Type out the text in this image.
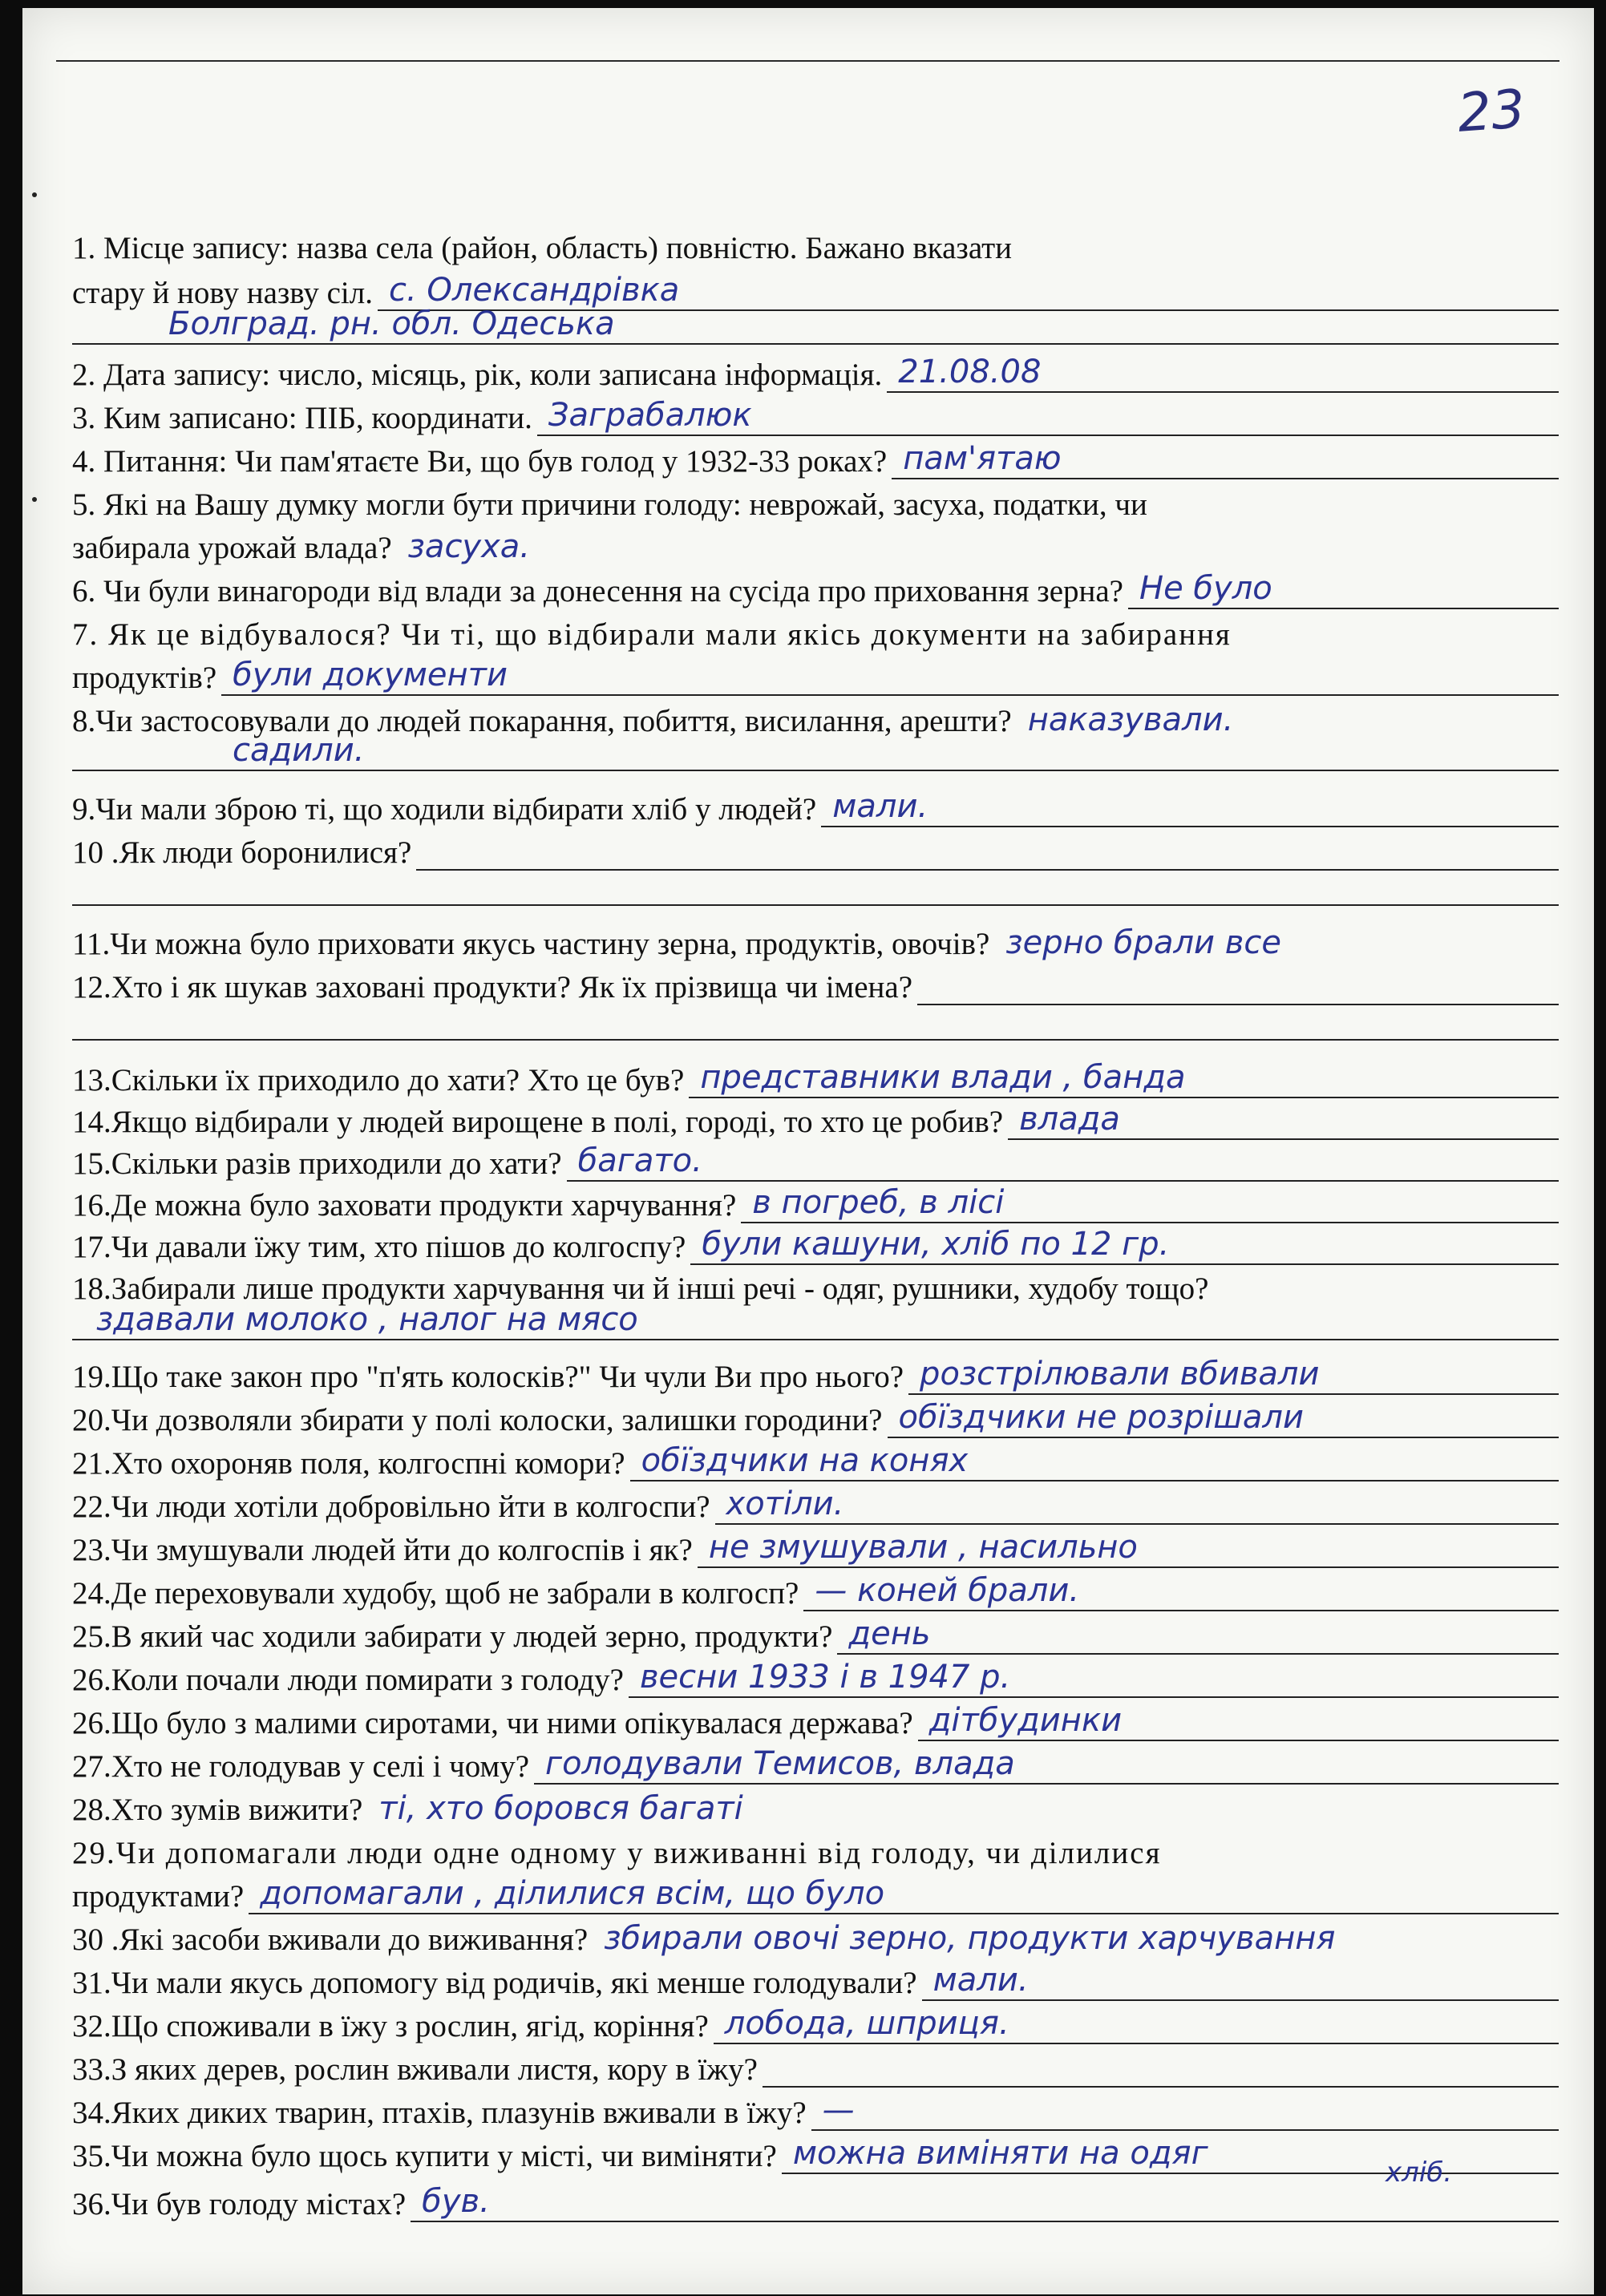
23
1. Місце запису: назва села (район, область) повністю. Бажано вказати
стару й нову назву сіл. с. Олександрівка
Болград. рн. обл. Одеська
2. Дата запису: число, місяць, рік, коли записана інформація. 21.08.08
3. Ким записано: ПІБ, координати. Заграбалюк
4. Питання: Чи пам'ятаєте Ви, що був голод у 1932-33 роках? пам'ятаю
5. Які на Вашу думку могли бути причини голоду: неврожай, засуха, податки, чи
забирала урожай влада? засуха.
6. Чи були винагороди від влади за донесення на сусіда про приховання зерна? Не було
7. Як це відбувалося? Чи ті, що відбирали мали якісь документи на забирання
продуктів? були документи
8.Чи застосовували до людей покарання, побиття, висилання, арешти? наказували.
садили.
9.Чи мали зброю ті, що ходили відбирати хліб у людей? мали.
10 .Як люди боронилися?
11.Чи можна було приховати якусь частину зерна, продуктів, овочів? зерно брали все
12.Хто і як шукав заховані продукти? Як їх прізвища чи імена?
13.Скільки їх приходило до хати? Хто це був? представники влади , банда
14.Якщо відбирали у людей вирощене в полі, городі, то хто це робив? влада
15.Скільки разів приходили до хати? багато.
16.Де можна було заховати продукти харчування? в погреб, в лісі
17.Чи давали їжу тим, хто пішов до колгоспу? були кашуни, хліб по 12 гр.
18.Забирали лише продукти харчування чи й інші речі - одяг, рушники, худобу тощо?
здавали молоко , налог на мясо
19.Що таке закон про "п'ять колосків?" Чи чули Ви про нього? розстрілювали вбивали
20.Чи дозволяли збирати у полі колоски, залишки городини? обїздчики не розрішали
21.Хто охороняв поля, колгоспні комори? обїздчики на конях
22.Чи люди хотіли добровільно йти в колгоспи? хотіли.
23.Чи змушували людей йти до колгоспів і як? не змушували , насильно
24.Де переховували худобу, щоб не забрали в колгосп? — коней брали.
25.В який час ходили забирати у людей зерно, продукти? день
26.Коли почали люди помирати з голоду? весни 1933 і в 1947 р.
26.Що було з малими сиротами, чи ними опікувалася держава? дітбудинки
27.Хто не голодував у селі і чому? голодували Темисов, влада
28.Хто зумів вижити? ті, хто боровся багаті
29.Чи допомагали люди одне одному у виживанні від голоду, чи ділилися
продуктами? допомагали , ділилися всім, що було
30 .Які засоби вживали до виживання? збирали овочі зерно, продукти харчування
31.Чи мали якусь допомогу від родичів, які менше голодували? мали.
32.Що споживали в їжу з рослин, ягід, коріння? лобода, шприця.
33.З яких дерев, рослин вживали листя, кору в їжу?
34.Яких диких тварин, птахів, плазунів вживали в їжу? —
35.Чи можна було щось купити у місті, чи виміняти? можна виміняти на одяг
хліб.
36.Чи був голоду містах? був.
